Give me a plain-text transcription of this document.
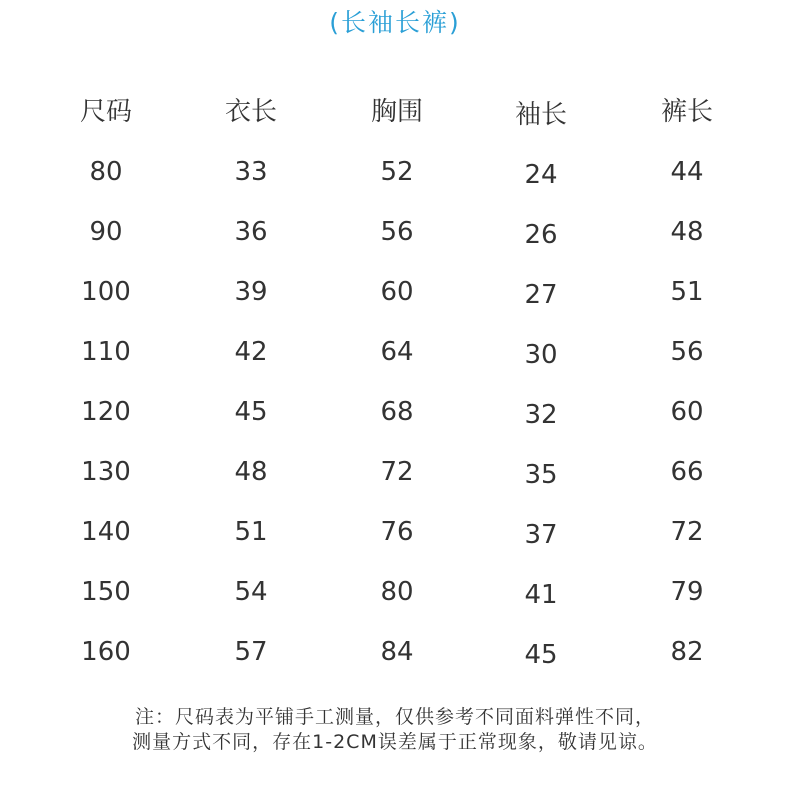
(长袖长裤)
尺码	衣长	胸围	袖长	裤长
80	33	52	24	44
90	36	56	26	48
100	39	60	27	51
110	42	64	30	56
120	45	68	32	60
130	48	72	35	66
140	51	76	37	72
150	54	80	41	79
160	57	84	45	82
注：尺码表为平铺手工测量，仅供参考不同面料弹性不同，
测量方式不同，存在1-2CM误差属于正常现象，敬请见谅。
